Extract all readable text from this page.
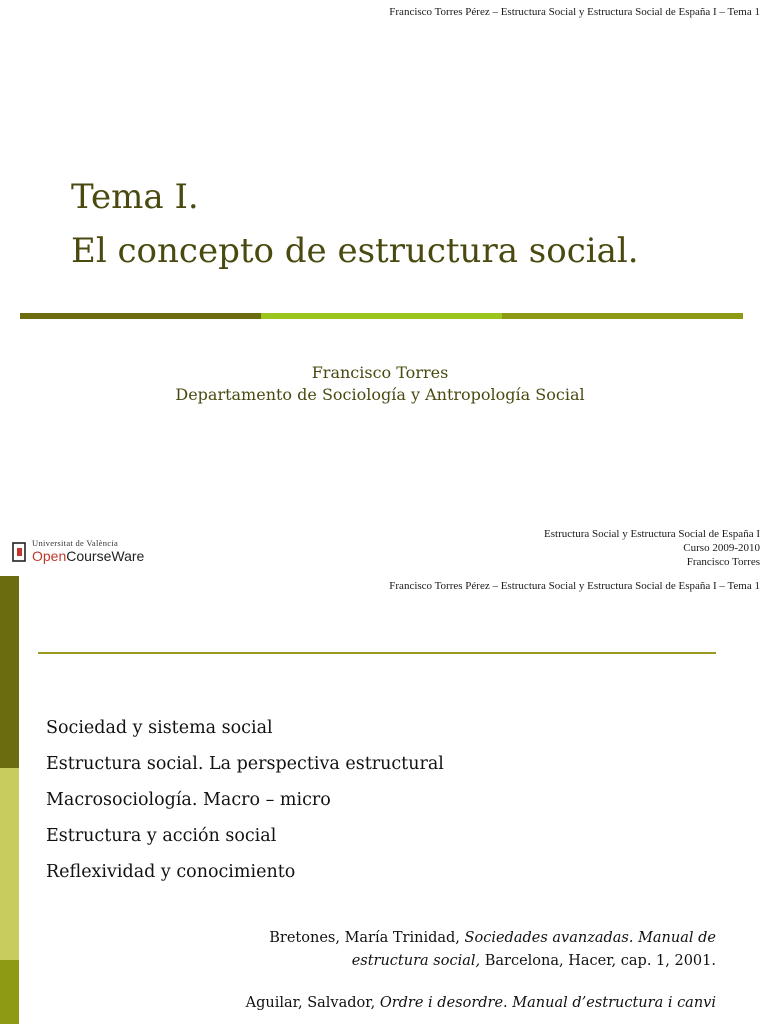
Francisco Torres Pérez – Estructura Social y Estructura Social de España I – Tema 1
Tema I.
El concepto de estructura social.
Francisco Torres
Departamento de Sociología y Antropología Social
Universitat de València
OpenCourseWare
Estructura Social y Estructura Social de España I
Curso 2009-2010
Francisco Torres
Francisco Torres Pérez – Estructura Social y Estructura Social de España I – Tema 1
Sociedad y sistema social
Estructura social. La perspectiva estructural
Macrosociología. Macro – micro
Estructura y acción social
Reflexividad y conocimiento
Bretones, María Trinidad, Sociedades avanzadas. Manual de estructura social, Barcelona, Hacer, cap. 1, 2001.
Aguilar, Salvador, Ordre i desordre. Manual d’estructura i canvi
